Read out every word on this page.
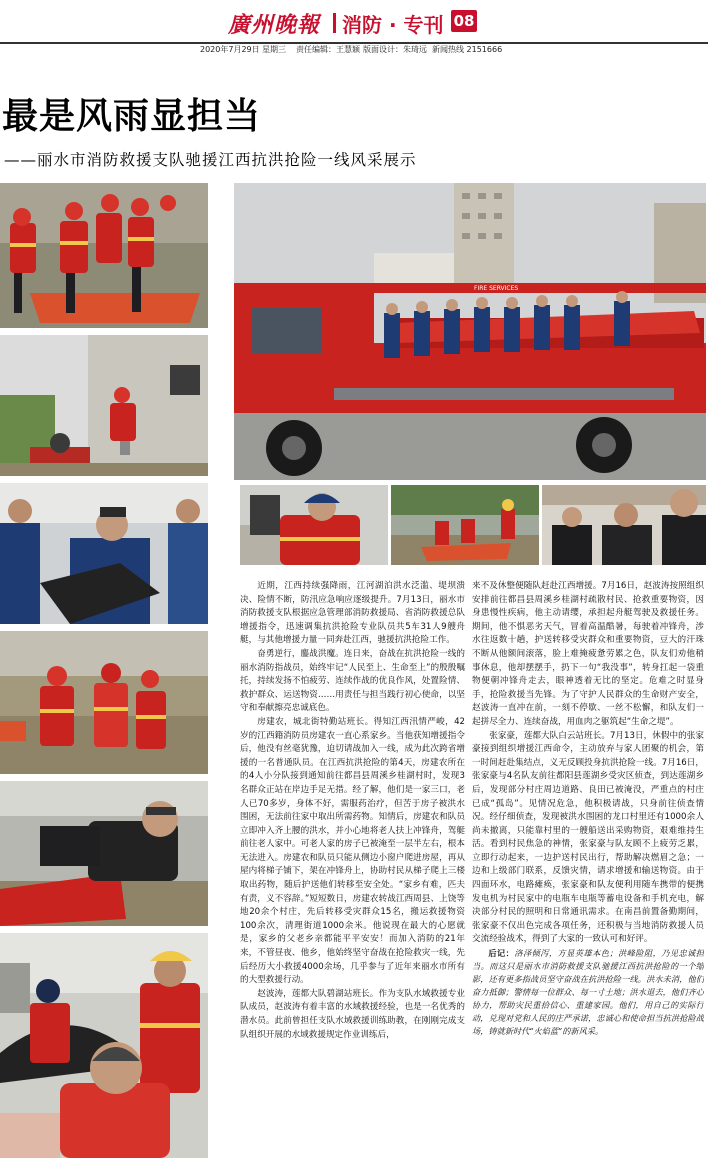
廣州晚報 消防 · 专刊 08
2020年7月29日 星期三 责任编辑：王慧颖 版面设计：朱琦远 新闻热线 2151666
最是风雨显担当
——丽水市消防救援支队驰援江西抗洪抢险一线风采展示
FIRE SERVICES

近期，江西持续强降雨，江河湖泊洪水泛滥、堤坝溃决、险情不断，防汛应急响应逐级提升。7月13日，丽水市消防救援支队根据应急管理部消防救援局、省消防救援总队增援指令，迅速调集抗洪抢险专业队员共5车31人9艘舟艇，与其他增援力量一同奔赴江西，驰援抗洪抢险工作。

奋勇逆行，鏖战洪魔。连日来，奋战在抗洪抢险一线的丽水消防指战员，始终牢记“人民至上、生命至上”的殷殷嘱托，持续发扬不怕疲劳、连续作战的优良作风，处置险情、救护群众、运送物资……用责任与担当践行初心使命，以坚守和奉献擦亮忠诚底色。

房建农，城北街特勤站班长。得知江西汛情严峻，42岁的江西籍消防员房建农一直心系家乡。当他获知增援指令后，他没有丝毫犹豫，迫切请战加入一线，成为此次跨省增援的一名普通队员。在江西抗洪抢险的第4天，房建农所在的4人小分队接到通知前往都昌县周溪乡桂湖村时，发现3名群众正站在岸边手足无措。经了解，他们是一家三口，老人已70多岁，身体不好，需服药治疗，但苦于房子被洪水围困，无法前往家中取出所需药物。知情后，房建农和队员立即冲入齐上腰的洪水，并小心地将老人扶上冲锋舟，驾艇前往老人家中。可老人家的房子已被淹至一层半左右，根本无法进入。房建农和队员只能从侧边小窗户爬进房屋，再从屋内将梯子铺下，架在冲锋舟上，协助村民从梯子爬上三楼取出药物，随后护送他们转移至安全处。“家乡有难，匹夫有责，义不容辞。”短短数日，房建农转战江西周县、上饶等地20余个村庄，先后转移受灾群众15名，搬运救援物资100余次，清理街道1000余米。他说现在最大的心愿就是，家乡的父老乡亲都能平平安安！而加入消防的21年来，不管昼夜、他乡，他始终坚守奋战在抢险救灾一线，先后经历大小救援4000余场，几乎参与了近年来丽水市所有的大型救援行动。

赵波涛，莲都大队碧湖站班长。作为支队水域救援专业队成员，赵波涛有着丰富的水域救援经验，也是一名优秀的潜水员。此前曾担任支队水域救援训练助教，在刚刚完成支队组织开展的水域救援规定作业训练后，

来不及休整便随队赶赴江西增援。7月16日，赵波涛按照组织安排前往都昌县周溪乡桂湖村疏散村民、抢救重要物资，因身患慢性疾病，他主动请缨，承担起舟艇驾驶及救援任务。期间，他不惧恶劣天气，冒着高温酷暑，每驶着冲锋舟，涉水往返数十趟，护送转移受灾群众和重要物资，豆大的汗珠不断从他额间滚落，脸上难掩疲惫劳累之色，队友们劝他稍事休息，他却摆摆手，扔下一句“我没事”，转身扛起一袋重物便朝冲锋舟走去，眼神透着无比的坚定。危难之时显身手，抢险救援当先锋。为了守护人民群众的生命财产安全，赵波涛一直冲在前，一刻不停歇、一丝不松懈，和队友们一起拼尽全力、连续奋战，用血肉之躯筑起“生命之堤”。

张家豪，莲都大队白云站班长。7月13日，休假中的张家豪接到组织增援江西命令，主动放弃与家人团聚的机会，第一时间赶赴集结点，义无反顾投身抗洪抢险一线。7月16日，张家豪与4名队友前往都阳县莲湖乡受灾区侦查，到达莲湖乡后，发现部分村庄周边道路、良田已被淹没，严重点的村庄已成“孤岛”。见情况危急，他积极请战，只身前往侦查情况。经仔细侦查，发现被洪水围困的龙口村里还有1000余人尚未撤离，只能靠村里的一艘船送出采购物资，艰难维持生活。看到村民焦急的神情，张家豪与队友顾不上疲劳乏累，立即行动起来，一边护送村民出行，帮助解决燃眉之急；一边和上级部门联系，反馈灾情，请求增援和输送物资。由于四面环水，电路瘫痪，张家豪和队友便利用随车携带的便携发电机为村民家中的电瓶车电瓶等蓄电设备和手机充电，解决部分村民的照明和日常通讯需求。在南昌前置备勤期间，张家豪不仅出色完成各项任务，还积极与当地消防救援人员交流经验战术，得到了大家的一致认可和好评。

后记：洛泽倾泻，方显英雄本色；洪峰险阻，乃见忠诚担当。而这只是丽水市消防救援支队驰援江西抗洪抢险的一个缩影，还有更多指战员坚守奋战在抗洪抢险一线。洪水未消，他们奋力抵御；警情每一位群众、每一寸土地；洪水退去，他们齐心协力，帮助灾民重拾信心、重建家园。他们，用自己的实际行动，兑现对党和人民的庄严承诺，忠诚心和使命担当抗洪抢险战场，铸就新时代“火焰蓝”的新风采。
